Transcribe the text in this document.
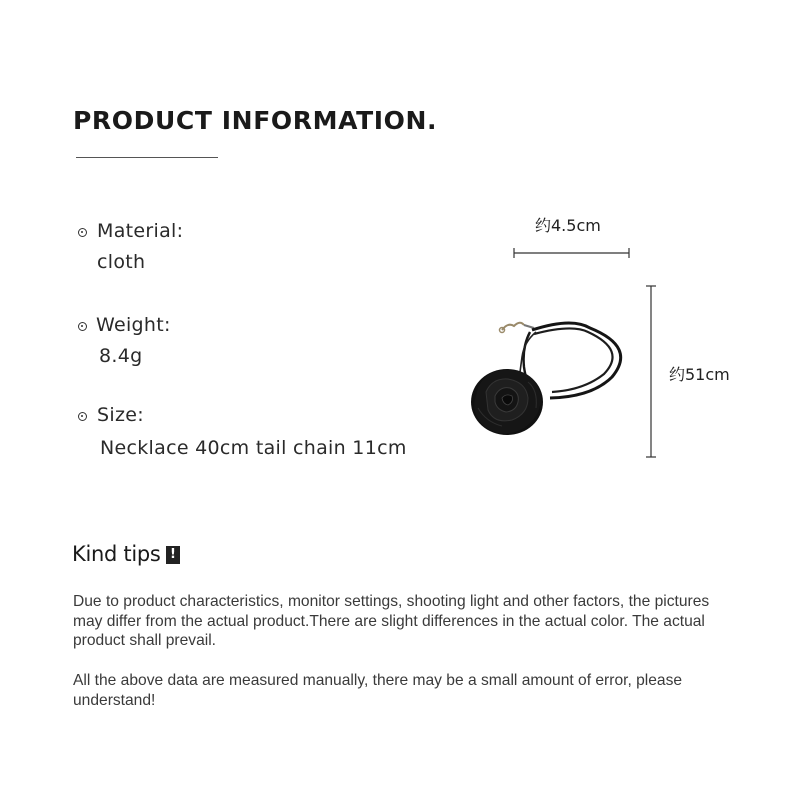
PRODUCT INFORMATION.
Material:
cloth
Weight:
8.4g
Size:
Necklace 40cm tail chain 11cm
约4.5cm
约51cm
Kind tips !
Due to product characteristics, monitor settings, shooting light and other factors, the pictures may differ from the actual product.There are slight differences in the actual color. The actual product shall prevail.
All the above data are measured manually, there may be a small amount of error, please understand!
